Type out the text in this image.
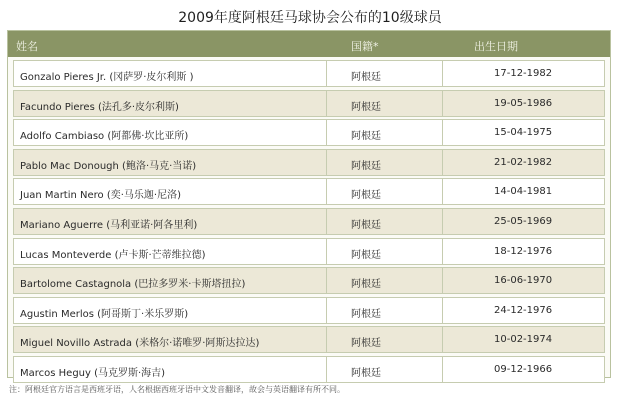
2009年度阿根廷马球协会公布的10级球员
姓名	国籍*	出生日期
Gonzalo Pieres Jr. (冈萨罗·皮尔利斯 )	阿根廷	17-12-1982
Facundo Pieres (法孔多·皮尔利斯)	阿根廷	19-05-1986
Adolfo Cambiaso (阿都佛·坎比亚所)	阿根廷	15-04-1975
Pablo Mac Donough (鲍洛·马克·当诺)	阿根廷	21-02-1982
Juan Martin Nero (奕·马乐迦·尼洛)	阿根廷	14-04-1981
Mariano Aguerre (马利亚诺·阿各里利)	阿根廷	25-05-1969
Lucas Monteverde (卢卡斯·芒蒂维拉德)	阿根廷	18-12-1976
Bartolome Castagnola (巴拉多罗米·卡斯塔扭拉)	阿根廷	16-06-1970
Agustin Merlos (阿哥斯丁·米乐罗斯)	阿根廷	24-12-1976
Miguel Novillo Astrada (米格尔·诺唯罗·阿斯达拉达)	阿根廷	10-02-1974
Marcos Heguy (马克罗斯·海吉)	阿根廷	09-12-1966
注：阿根廷官方语言是西班牙语，人名根据西班牙语中文发音翻译，故会与英语翻译有所不同。
